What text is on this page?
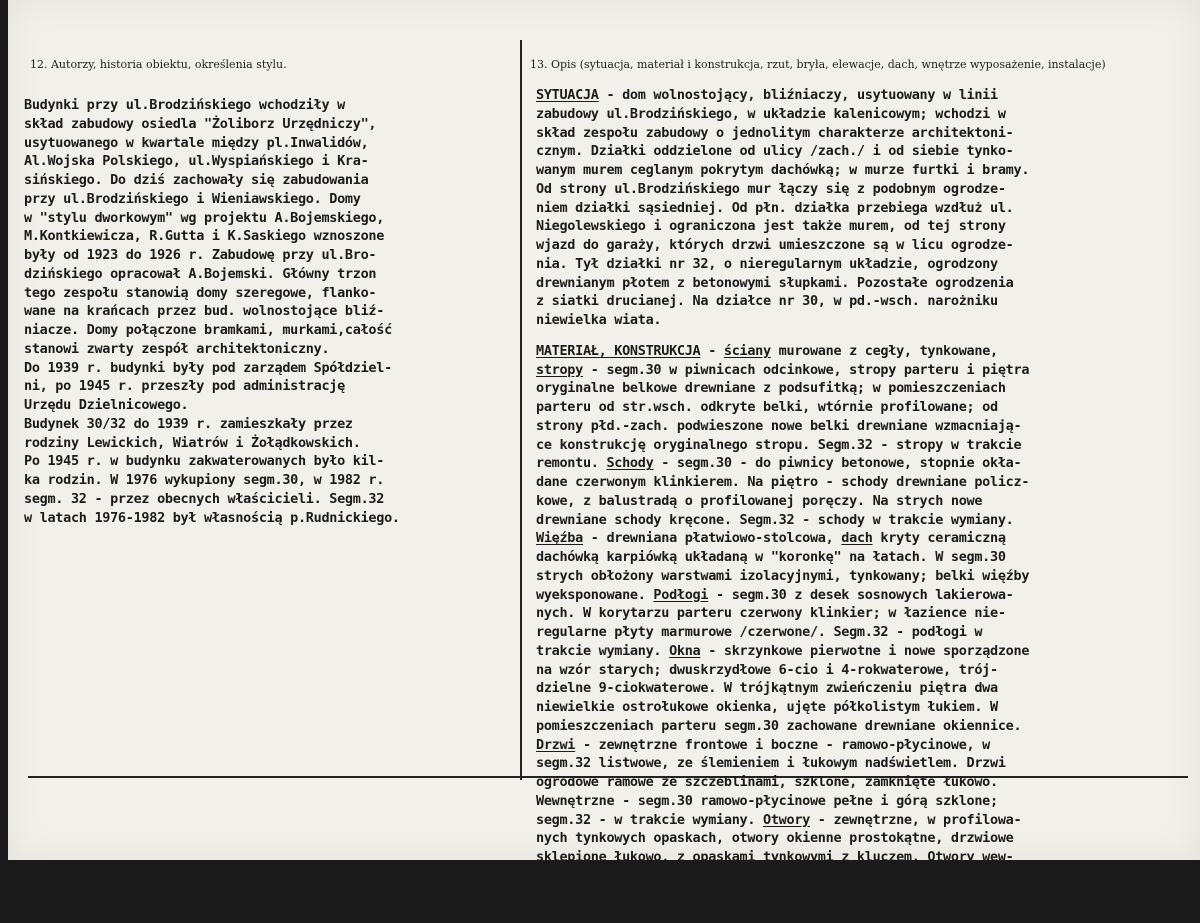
12. Autorzy, historia obiektu, określenia stylu.	13. Opis (sytuacja, materiał i konstrukcja, rzut, bryła, elewacje, dach, wnętrze wyposażenie, instalacje)
Budynki przy ul.Brodzińskiego wchodziły w
skład zabudowy osiedla "Żoliborz Urzędniczy",
usytuowanego w kwartale między pl.Inwalidów,
Al.Wojska Polskiego, ul.Wyspiańskiego i Kra-
sińskiego. Do dziś zachowały się zabudowania
przy ul.Brodzińskiego i Wieniawskiego. Domy
w "stylu dworkowym" wg projektu A.Bojemskiego,
M.Kontkiewicza, R.Gutta i K.Saskiego wznoszone
były od 1923 do 1926 r. Zabudowę przy ul.Bro-
dzińskiego opracował A.Bojemski. Główny trzon
tego zespołu stanowią domy szeregowe, flanko-
wane na krańcach przez bud. wolnostojące bliź-
niacze. Domy połączone bramkami, murkami,całość
stanowi zwarty zespół architektoniczny.
Do 1939 r. budynki były pod zarządem Spółdziel-
ni, po 1945 r. przeszły pod administrację
Urzędu Dzielnicowego.
Budynek 30/32 do 1939 r. zamieszkały przez
rodziny Lewickich, Wiatrów i Żołądkowskich.
Po 1945 r. w budynku zakwaterowanych było kil-
ka rodzin. W 1976 wykupiony segm.30, w 1982 r.
segm. 32 - przez obecnych właścicieli. Segm.32
w latach 1976-1982 był własnością p.Rudnickiego.
SYTUACJA - dom wolnostojący, bliźniaczy, usytuowany w linii
zabudowy ul.Brodzińskiego, w układzie kalenicowym; wchodzi w
skład zespołu zabudowy o jednolitym charakterze architektoni-
cznym. Działki oddzielone od ulicy /zach./ i od siebie tynko-
wanym murem ceglanym pokrytym dachówką; w murze furtki i bramy.
Od strony ul.Brodzińskiego mur łączy się z podobnym ogrodze-
niem działki sąsiedniej. Od płn. działka przebiega wzdłuż ul.
Niegolewskiego i ograniczona jest także murem, od tej strony
wjazd do garaży, których drzwi umieszczone są w licu ogrodze-
nia. Tył działki nr 32, o nieregularnym układzie, ogrodzony
drewnianym płotem z betonowymi słupkami. Pozostałe ogrodzenia
z siatki drucianej. Na działce nr 30, w pd.-wsch. narożniku
niewielka wiata.
MATERIAŁ, KONSTRUKCJA - ściany murowane z cegły, tynkowane,
stropy - segm.30 w piwnicach odcinkowe, stropy parteru i piętra
oryginalne belkowe drewniane z podsufitką; w pomieszczeniach
parteru od str.wsch. odkryte belki, wtórnie profilowane; od
strony płd.-zach. podwieszone nowe belki drewniane wzmacniają-
ce konstrukcję oryginalnego stropu. Segm.32 - stropy w trakcie
remontu. Schody - segm.30 - do piwnicy betonowe, stopnie okła-
dane czerwonym klinkierem. Na piętro - schody drewniane policz-
kowe, z balustradą o profilowanej poręczy. Na strych nowe
drewniane schody kręcone. Segm.32 - schody w trakcie wymiany.
Więźba - drewniana płatwiowo-stolcowa, dach kryty ceramiczną
dachówką karpiówką układaną w "koronkę" na łatach. W segm.30
strych obłożony warstwami izolacyjnymi, tynkowany; belki więźby
wyeksponowane. Podłogi - segm.30 z desek sosnowych lakierowa-
nych. W korytarzu parteru czerwony klinkier; w łazience nie-
regularne płyty marmurowe /czerwone/. Segm.32 - podłogi w
trakcie wymiany. Okna - skrzynkowe pierwotne i nowe sporządzone
na wzór starych; dwuskrzydłowe 6-cio i 4-rokwaterowe, trój-
dzielne 9-ciokwaterowe. W trójkątnym zwieńczeniu piętra dwa
niewielkie ostrołukowe okienka, ujęte półkolistym łukiem. W
pomieszczeniach parteru segm.30 zachowane drewniane okiennice.
Drzwi - zewnętrzne frontowe i boczne - ramowo-płycinowe, w
segm.32 listwowe, ze ślemieniem i łukowym nadświetlem. Drzwi
ogrodowe ramowe ze szczeblinami, szklone, zamknięte łukowo.
Wewnętrzne - segm.30 ramowo-płycinowe pełne i górą szklone;
segm.32 - w trakcie wymiany. Otwory - zewnętrzne, w profilowa-
nych tynkowych opaskach, otwory okienne prostokątne, drzwiowe
sklepione łukowo, z opaskami tynkowymi z kluczem. Otwory wew-
nętrzne drzwiowe /segm.30/ w profilowanych drewnianych opas-
kach. W ścianach parteru wtórnie przebite otwory sklepione
łukowo.
